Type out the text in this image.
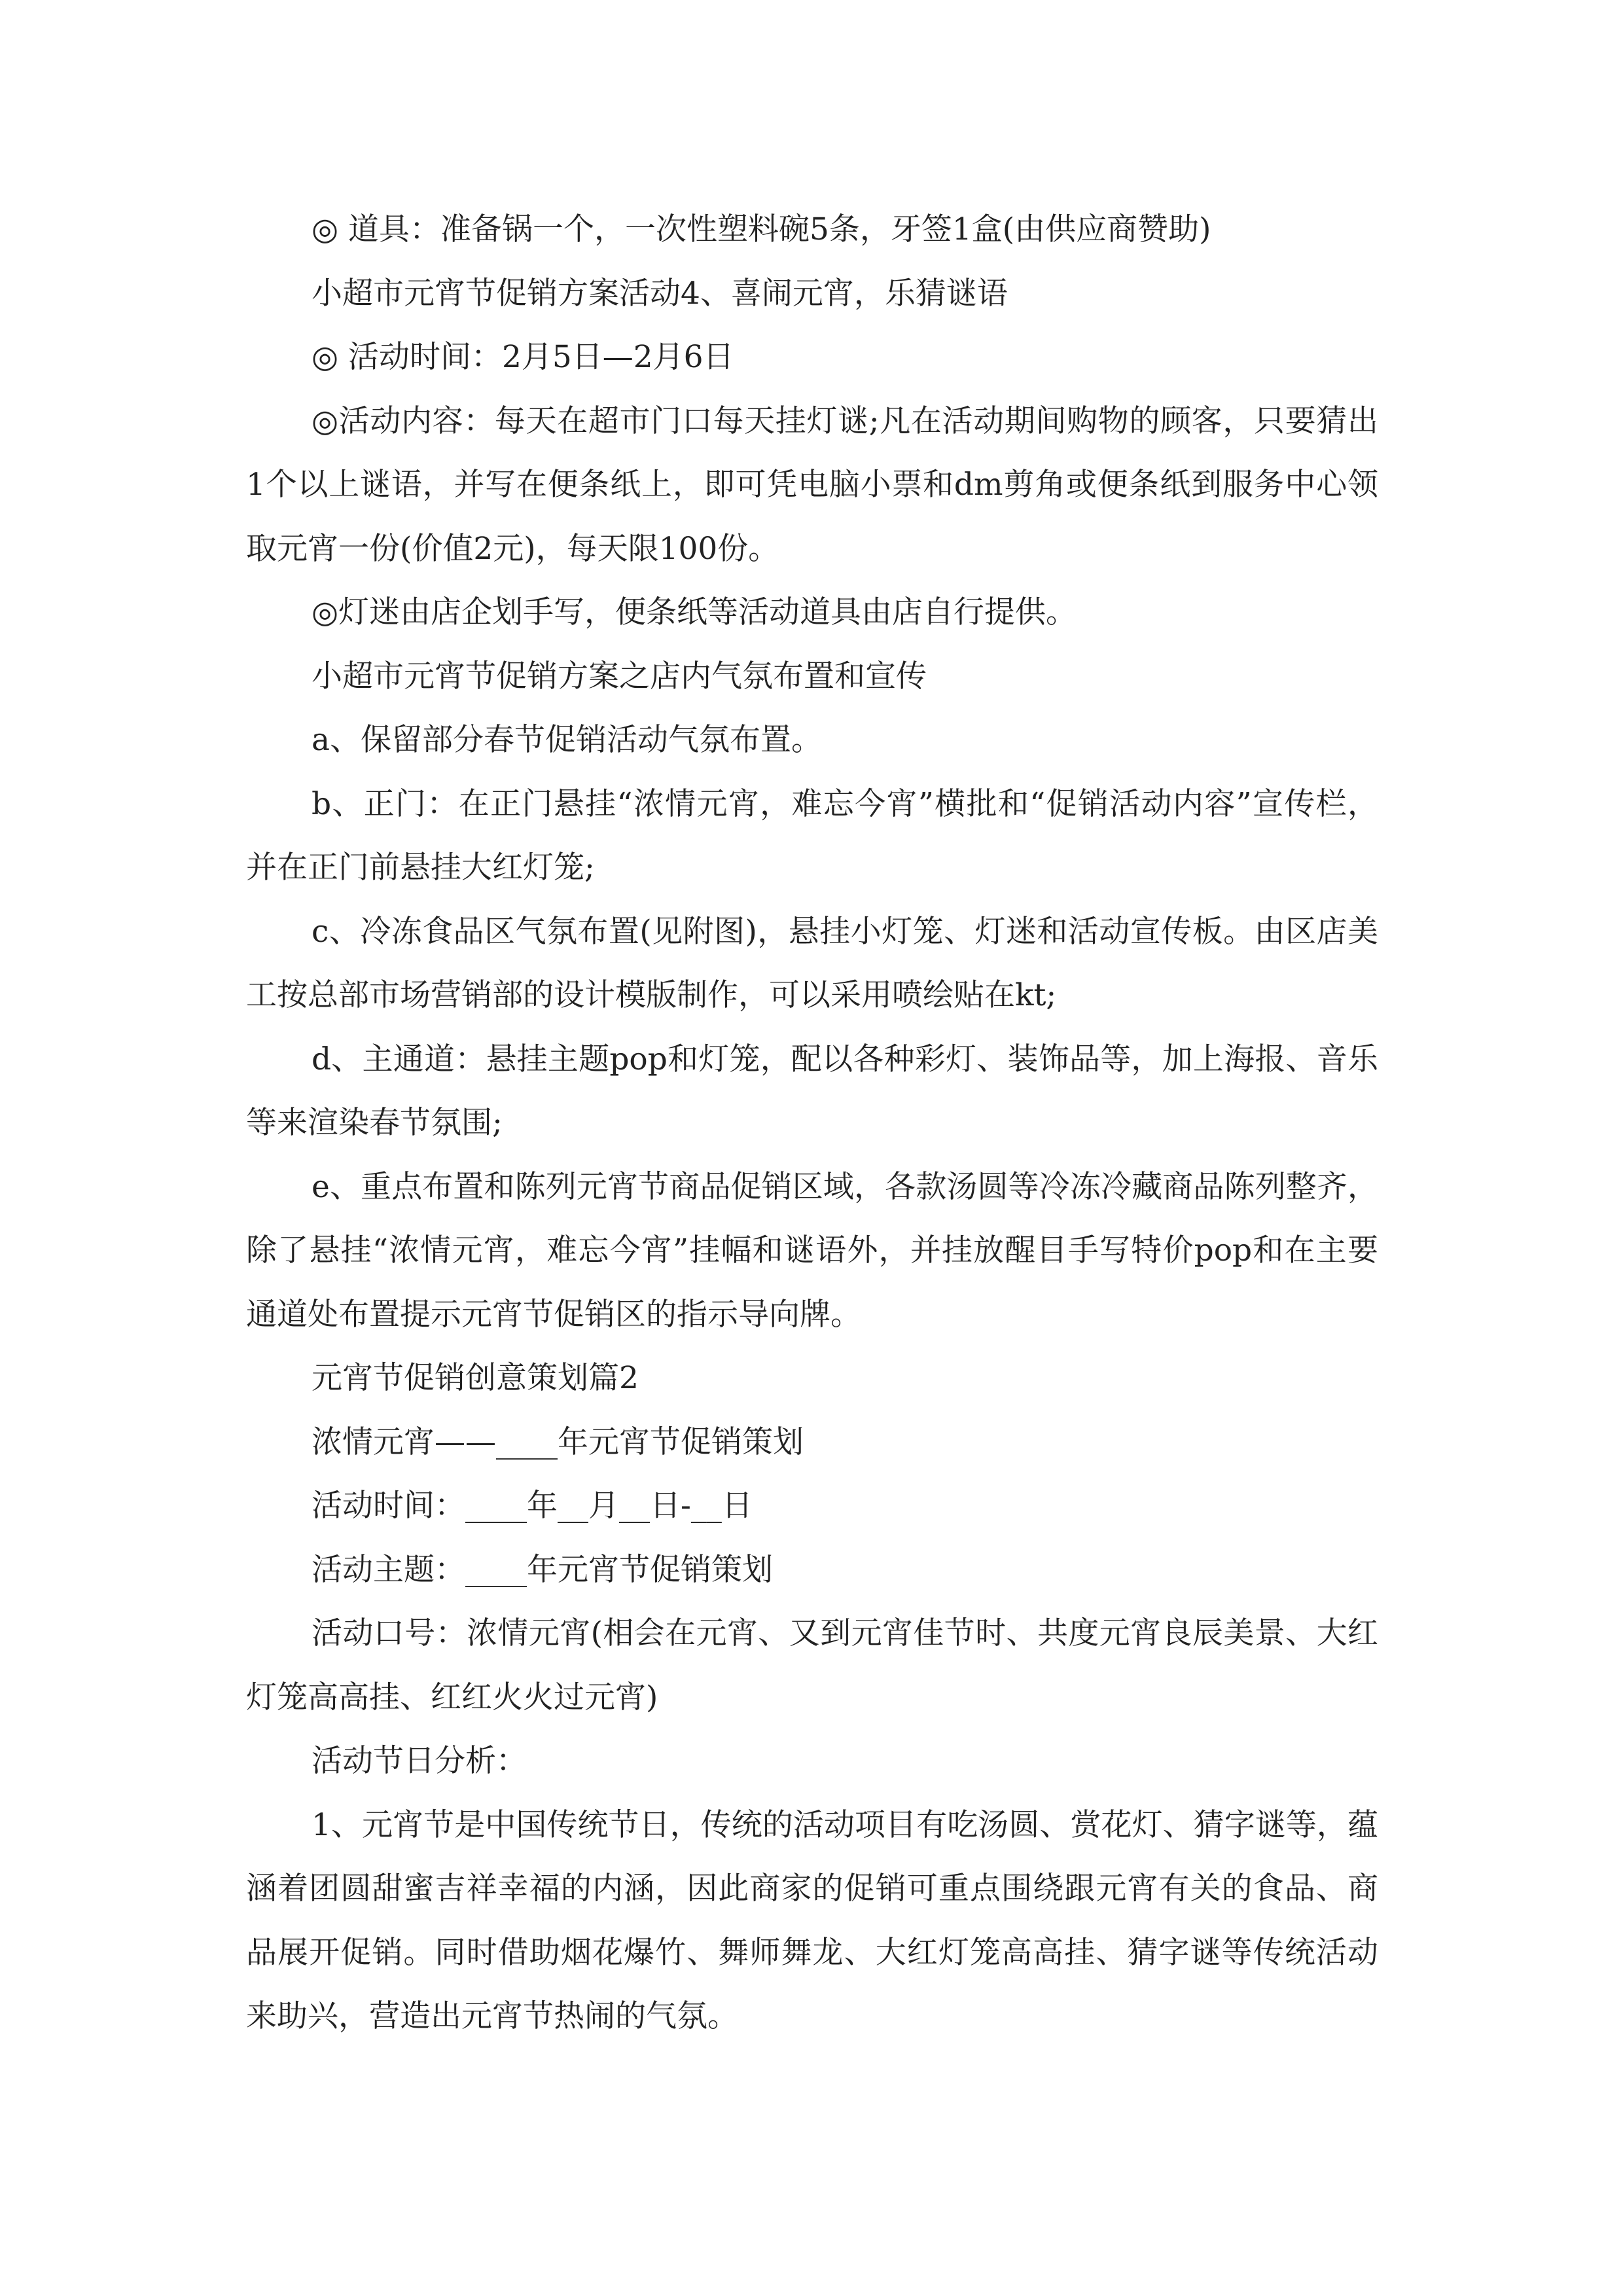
◎ 道具：准备锅一个，一次性塑料碗5条，牙签1盒(由供应商赞助)

小超市元宵节促销方案活动4、喜闹元宵，乐猜谜语

◎ 活动时间：2月5日—2月6日

◎活动内容：每天在超市门口每天挂灯谜;凡在活动期间购物的顾客，只要猜出1个以上谜语，并写在便条纸上，即可凭电脑小票和dm剪角或便条纸到服务中心领取元宵一份(价值2元)，每天限100份。

◎灯迷由店企划手写，便条纸等活动道具由店自行提供。

小超市元宵节促销方案之店内气氛布置和宣传

a、保留部分春节促销活动气氛布置。

b、正门：在正门悬挂“浓情元宵，难忘今宵”横批和“促销活动内容”宣传栏，并在正门前悬挂大红灯笼;

c、冷冻食品区气氛布置(见附图)，悬挂小灯笼、灯迷和活动宣传板。由区店美工按总部市场营销部的设计模版制作，可以采用喷绘贴在kt;

d、主通道：悬挂主题pop和灯笼，配以各种彩灯、装饰品等，加上海报、音乐等来渲染春节氛围;

e、重点布置和陈列元宵节商品促销区域，各款汤圆等冷冻冷藏商品陈列整齐，除了悬挂“浓情元宵，难忘今宵”挂幅和谜语外，并挂放醒目手写特价pop和在主要通道处布置提示元宵节促销区的指示导向牌。

元宵节促销创意策划篇2

浓情元宵——____年元宵节促销策划

活动时间：____年__月__日-__日

活动主题：____年元宵节促销策划

活动口号：浓情元宵(相会在元宵、又到元宵佳节时、共度元宵良辰美景、大红灯笼高高挂、红红火火过元宵)

活动节日分析：

1、元宵节是中国传统节日，传统的活动项目有吃汤圆、赏花灯、猜字谜等，蕴涵着团圆甜蜜吉祥幸福的内涵，因此商家的促销可重点围绕跟元宵有关的食品、商品展开促销。同时借助烟花爆竹、舞师舞龙、大红灯笼高高挂、猜字谜等传统活动来助兴，营造出元宵节热闹的气氛。
